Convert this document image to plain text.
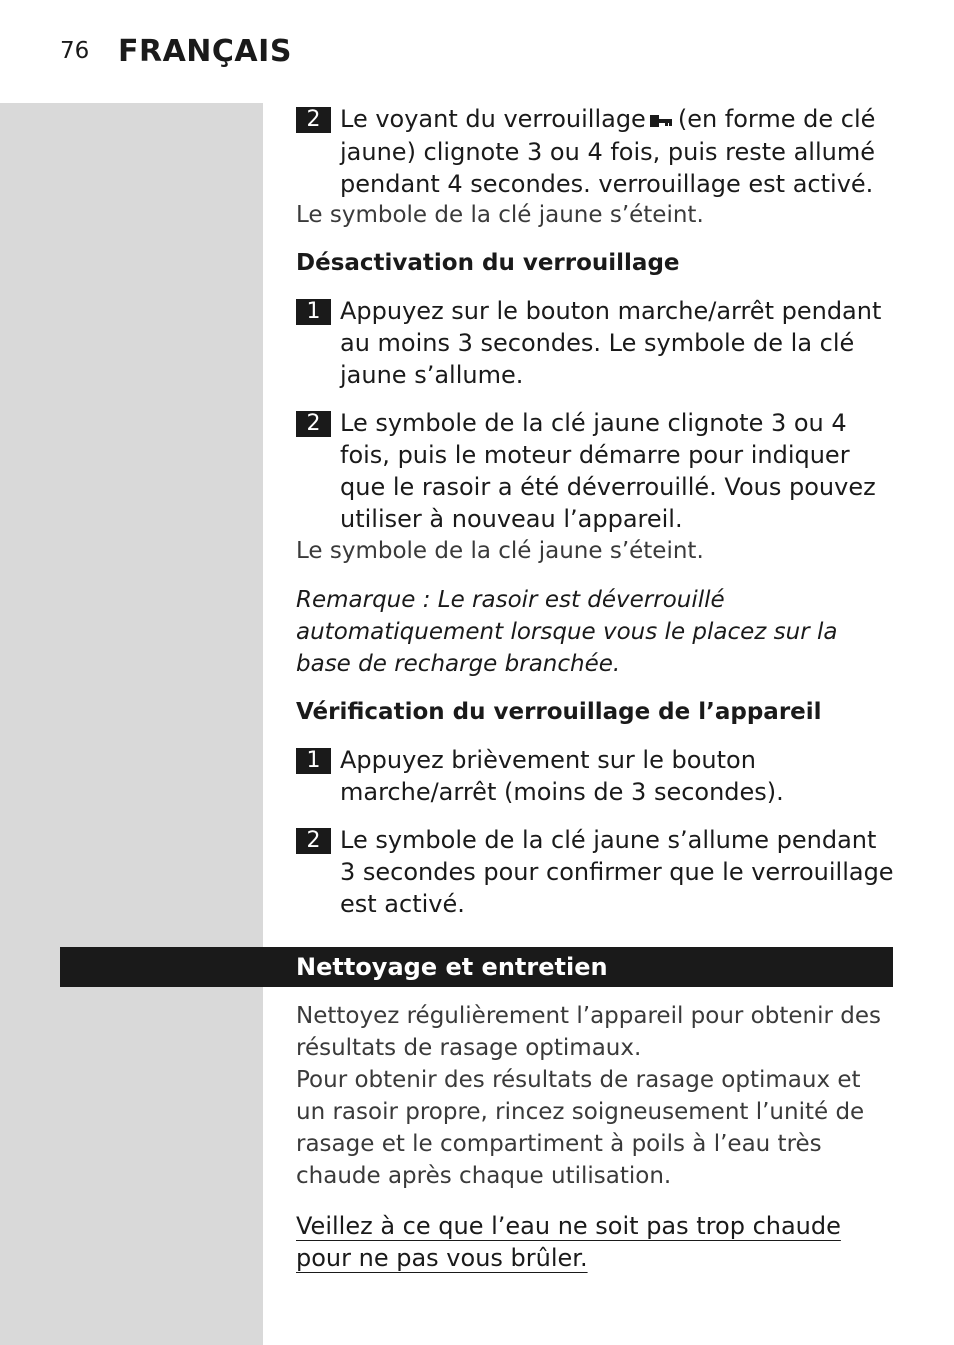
76 FRANÇAIS
2 Le voyant du verrouillage (en forme de clé jaune) clignote 3 ou 4 fois, puis reste allumé pendant 4 secondes. verrouillage est activé.
Le symbole de la clé jaune s’éteint.
Désactivation du verrouillage
1 Appuyez sur le bouton marche/arrêt pendant au moins 3 secondes. Le symbole de la clé jaune s’allume.
2 Le symbole de la clé jaune clignote 3 ou 4 fois, puis le moteur démarre pour indiquer que le rasoir a été déverrouillé. Vous pouvez utiliser à nouveau l’appareil.
Le symbole de la clé jaune s’éteint.
Remarque : Le rasoir est déverrouillé automatiquement lorsque vous le placez sur la base de recharge branchée.
Vérification du verrouillage de l’appareil
1 Appuyez brièvement sur le bouton marche/arrêt (moins de 3 secondes).
2 Le symbole de la clé jaune s’allume pendant 3 secondes pour confirmer que le verrouillage est activé.
Nettoyage et entretien
Nettoyez régulièrement l’appareil pour obtenir des résultats de rasage optimaux.
Pour obtenir des résultats de rasage optimaux et un rasoir propre, rincez soigneusement l’unité de rasage et le compartiment à poils à l’eau très chaude après chaque utilisation.
Veillez à ce que l’eau ne soit pas trop chaude pour ne pas vous brûler.
